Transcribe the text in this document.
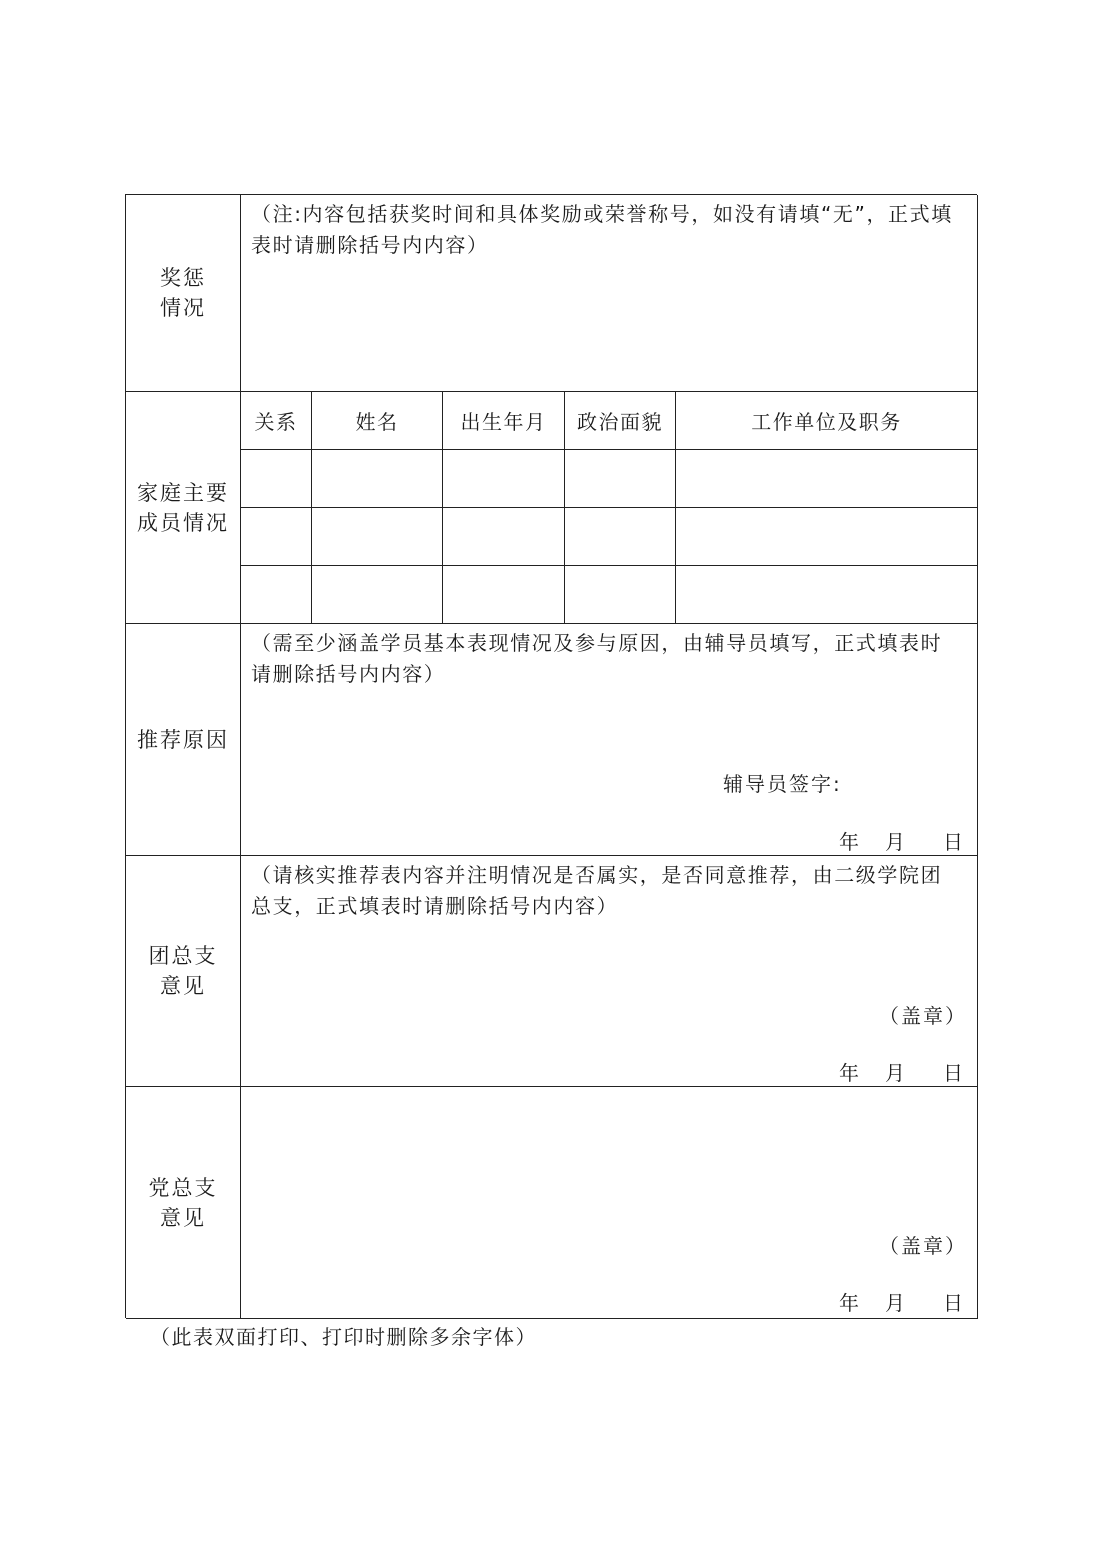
奖惩
情况
（注:内容包括获奖时间和具体奖励或荣誉称号，如没有请填“无”，正式填
表时请删除括号内内容）
家庭主要
成员情况
关系	姓名	出生年月	政治面貌	工作单位及职务
推荐原因
（需至少涵盖学员基本表现情况及参与原因，由辅导员填写，正式填表时
请删除括号内内容）
辅导员签字:
年 月 日
团总支
意见
（请核实推荐表内容并注明情况是否属实，是否同意推荐，由二级学院团
总支，正式填表时请删除括号内内容）
（盖章）
年 月 日
党总支
意见
（盖章）
年 月 日
（此表双面打印、打印时删除多余字体）
